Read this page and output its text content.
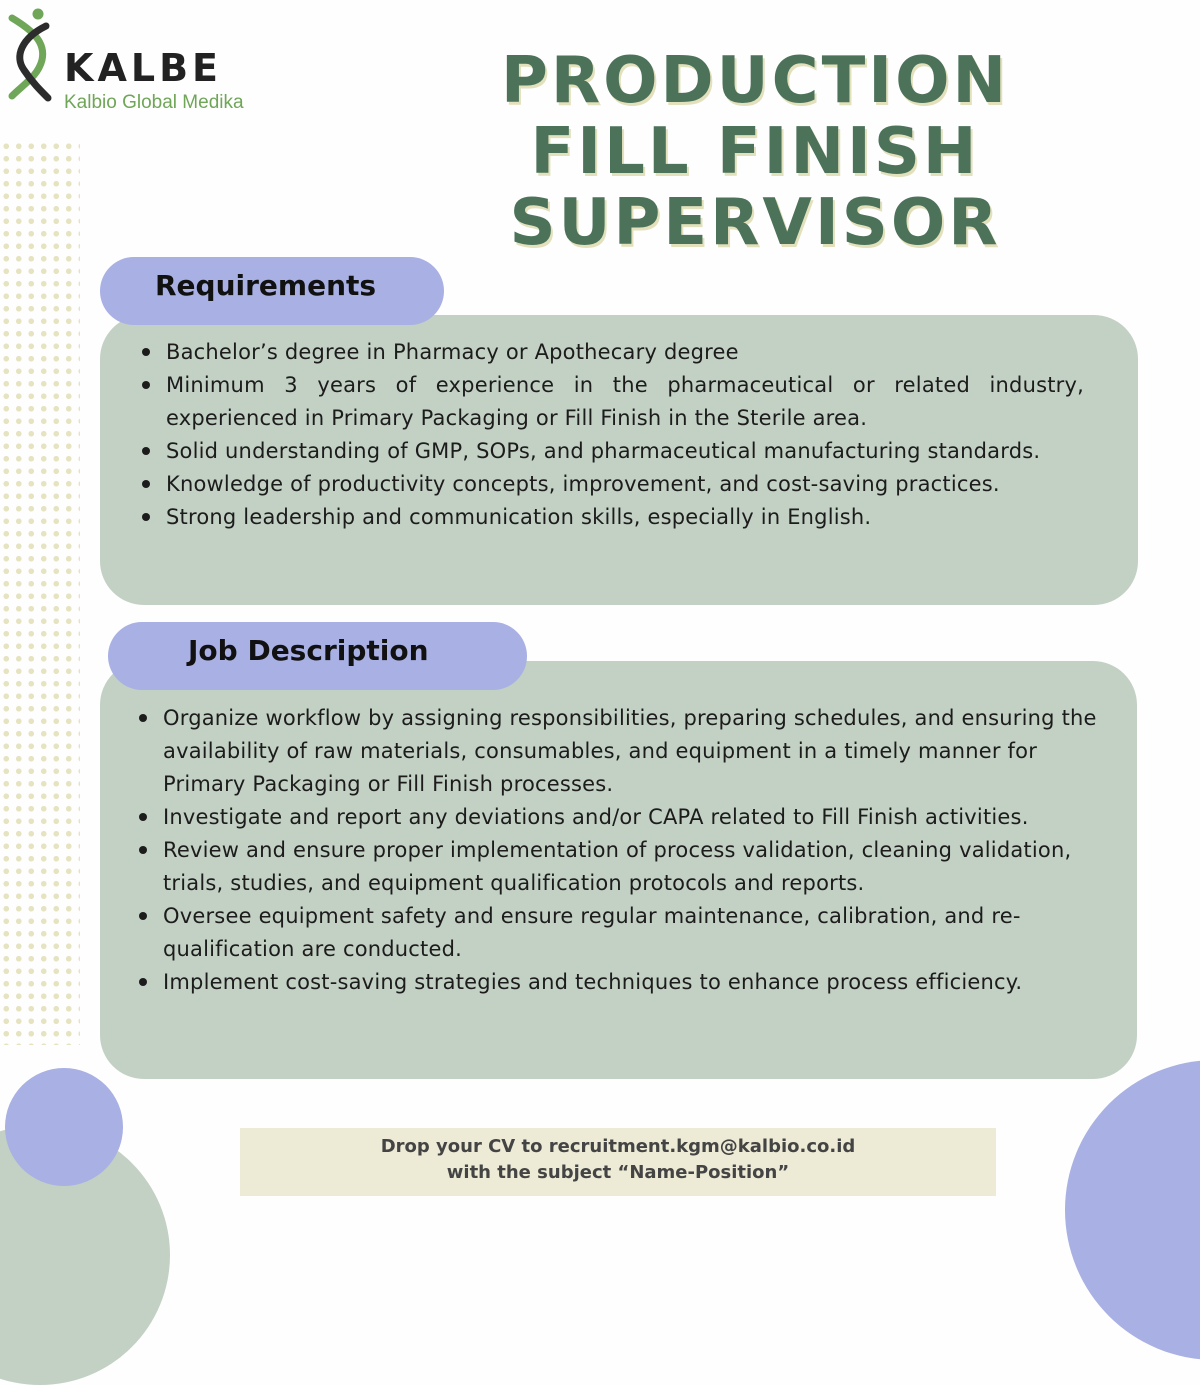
KALBE
Kalbio Global Medika	PRODUCTION
FILL FINISH
SUPERVISOR
Bachelor’s degree in Pharmacy or Apothecary degree
Minimum 3 years of experience in the pharmaceutical or related industry, experienced in Primary Packaging or Fill Finish in the Sterile area.
Solid understanding of GMP, SOPs, and pharmaceutical manufacturing standards.
Knowledge of productivity concepts, improvement, and cost-saving practices.
Strong leadership and communication skills, especially in English.
Requirements
Organize workflow by assigning responsibilities, preparing schedules, and ensuring the availability of raw materials, consumables, and equipment in a timely manner for Primary Packaging or Fill Finish processes.
Investigate and report any deviations and/or CAPA related to Fill Finish activities.
Review and ensure proper implementation of process validation, cleaning validation, trials, studies, and equipment qualification protocols and reports.
Oversee equipment safety and ensure regular maintenance, calibration, and re-qualification are conducted.
Implement cost-saving strategies and techniques to enhance process efficiency.
Job Description
Drop your CV to recruitment.kgm@kalbio.co.id
with the subject “Name-Position”
